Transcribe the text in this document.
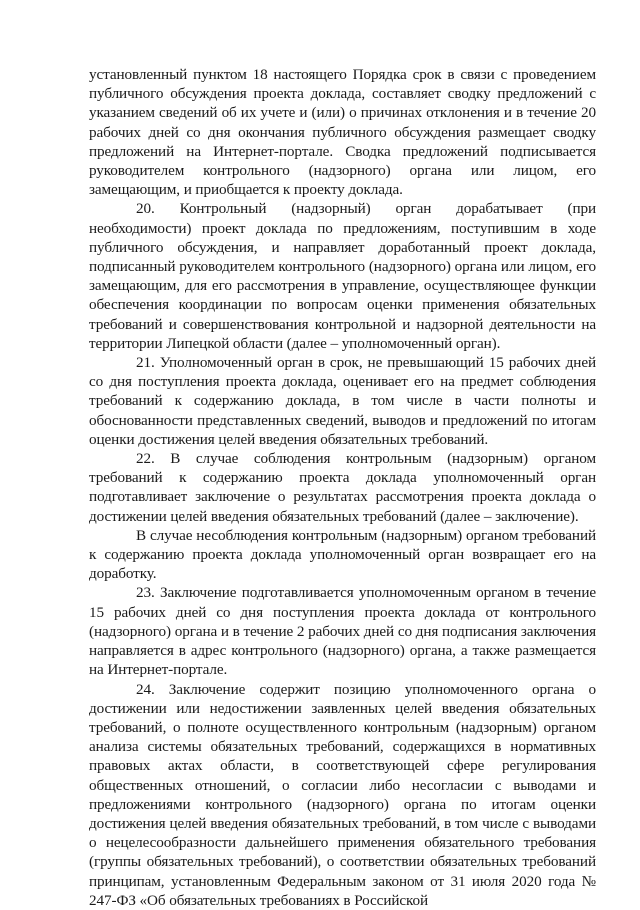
установленный пунктом 18 настоящего Порядка срок в связи с проведением публичного обсуждения проекта доклада, составляет сводку предложений с указанием сведений об их учете и (или) о причинах отклонения и в течение 20 рабочих дней со дня окончания публичного обсуждения размещает сводку предложений на Интернет-портале. Сводка предложений подписывается руководителем контрольного (надзорного) органа или лицом, его замещающим, и приобщается к проекту доклада.

20. Контрольный (надзорный) орган дорабатывает (при необходимости) проект доклада по предложениям, поступившим в ходе публичного обсуждения, и направляет доработанный проект доклада, подписанный руководителем контрольного (надзорного) органа или лицом, его замещающим, для его рассмотрения в управление, осуществляющее функции обеспечения координации по вопросам оценки применения обязательных требований и совершенствования контрольной и надзорной деятельности на территории Липецкой области (далее – уполномоченный орган).

21. Уполномоченный орган в срок, не превышающий 15 рабочих дней со дня поступления проекта доклада, оценивает его на предмет соблюдения требований к содержанию доклада, в том числе в части полноты и обоснованности представленных сведений, выводов и предложений по итогам оценки достижения целей введения обязательных требований.

22. В случае соблюдения контрольным (надзорным) органом требований к содержанию проекта доклада уполномоченный орган подготавливает заключение о результатах рассмотрения проекта доклада о достижении целей введения обязательных требований (далее – заключение).

В случае несоблюдения контрольным (надзорным) органом требований к содержанию проекта доклада уполномоченный орган возвращает его на доработку.

23. Заключение подготавливается уполномоченным органом в течение 15 рабочих дней со дня поступления проекта доклада от контрольного (надзорного) органа и в течение 2 рабочих дней со дня подписания заключения направляется в адрес контрольного (надзорного) органа, а также размещается на Интернет-портале.

24. Заключение содержит позицию уполномоченного органа о достижении или недостижении заявленных целей введения обязательных требований, о полноте осуществленного контрольным (надзорным) органом анализа системы обязательных требований, содержащихся в нормативных правовых актах области, в соответствующей сфере регулирования общественных отношений, о согласии либо несогласии с выводами и предложениями контрольного (надзорного) органа по итогам оценки достижения целей введения обязательных требований, в том числе с выводами о нецелесообразности дальнейшего применения обязательного требования (группы обязательных требований), о соответствии обязательных требований принципам, установленным Федеральным законом от 31 июля 2020 года № 247-ФЗ «Об обязательных требованиях в Российской
